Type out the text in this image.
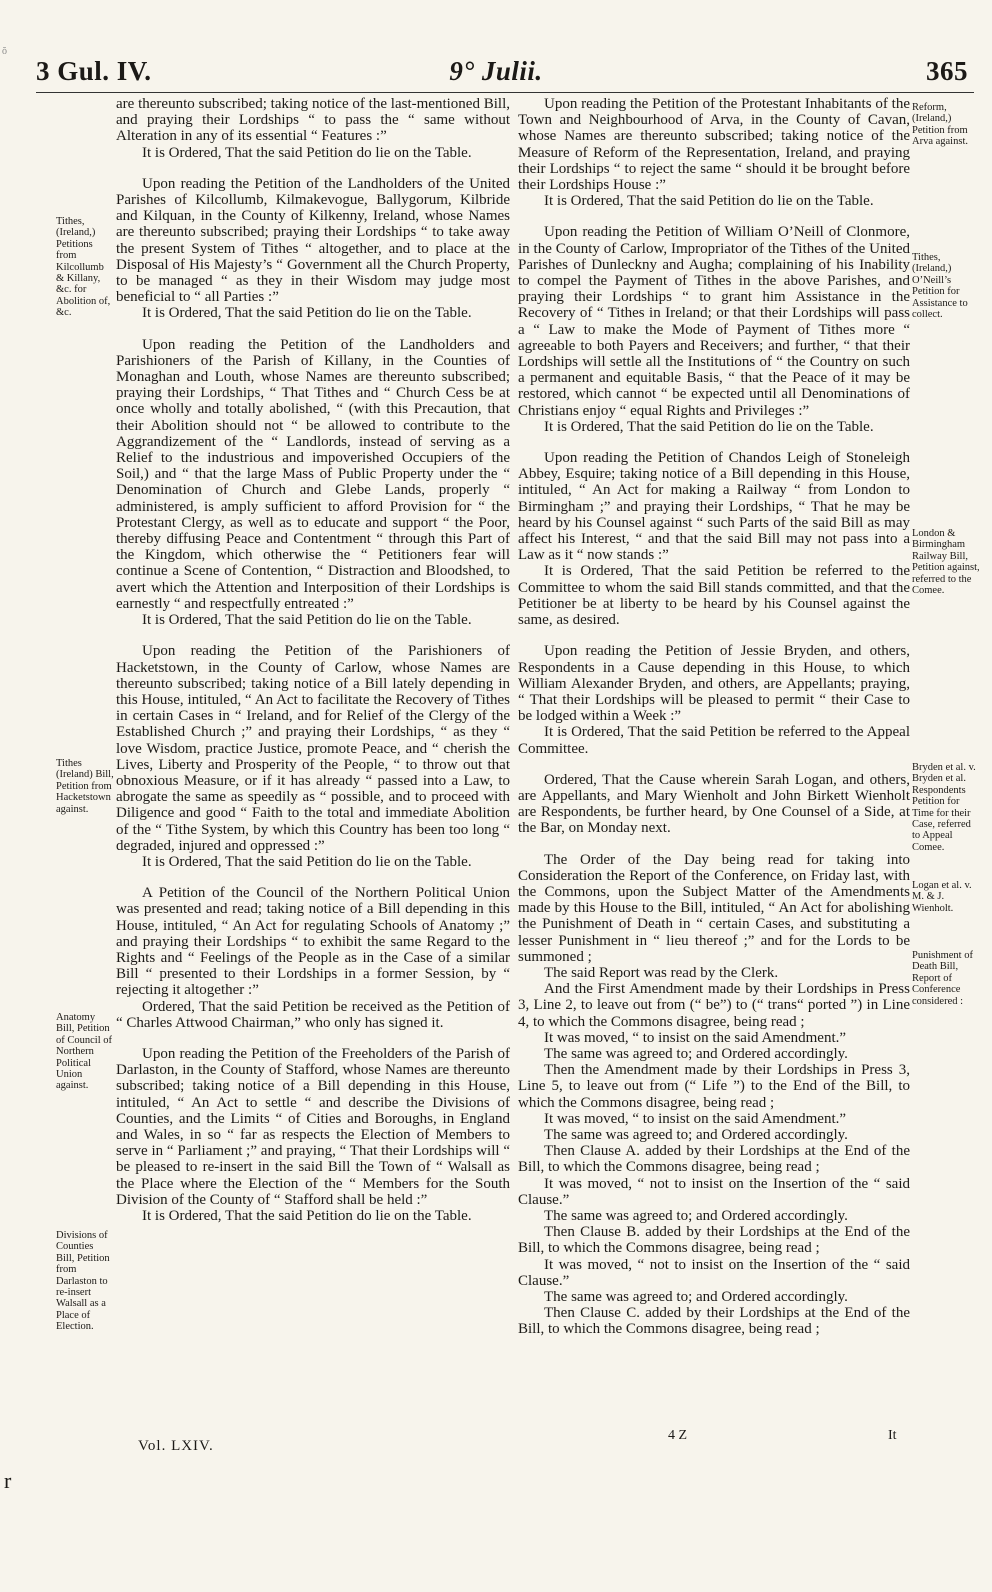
ŏ
3 Gul. IV.	9° Julii.	365

are thereunto subscribed; taking notice of the last-mentioned Bill, and praying their Lordships “ to pass the “ same without Alteration in any of its essential “ Features :”

It is Ordered, That the said Petition do lie on the Table.

Upon reading the Petition of the Landholders of the United Parishes of Kilcollumb, Kilmakevogue, Ballygorum, Kilbride and Kilquan, in the County of Kilkenny, Ireland, whose Names are thereunto subscribed; praying their Lordships “ to take away the present System of Tithes “ altogether, and to place at the Disposal of His Majesty’s “ Government all the Church Property, to be managed “ as they in their Wisdom may judge most beneficial to “ all Parties :”

It is Ordered, That the said Petition do lie on the Table.

Upon reading the Petition of the Landholders and Parishioners of the Parish of Killany, in the Counties of Monaghan and Louth, whose Names are thereunto subscribed; praying their Lordships, “ That Tithes and “ Church Cess be at once wholly and totally abolished, “ (with this Precaution, that their Abolition should not “ be allowed to contribute to the Aggrandizement of the “ Landlords, instead of serving as a Relief to the industrious and impoverished Occupiers of the Soil,) and “ that the large Mass of Public Property under the “ Denomination of Church and Glebe Lands, properly “ administered, is amply sufficient to afford Provision for “ the Protestant Clergy, as well as to educate and support “ the Poor, thereby diffusing Peace and Contentment “ through this Part of the Kingdom, which otherwise the “ Petitioners fear will continue a Scene of Contention, “ Distraction and Bloodshed, to avert which the Attention and Interposition of their Lordships is earnestly “ and respectfully entreated :”

It is Ordered, That the said Petition do lie on the Table.

Upon reading the Petition of the Parishioners of Hacketstown, in the County of Carlow, whose Names are thereunto subscribed; taking notice of a Bill lately depending in this House, intituled, “ An Act to facilitate the Recovery of Tithes in certain Cases in “ Ireland, and for Relief of the Clergy of the Established Church ;” and praying their Lordships, “ as they “ love Wisdom, practice Justice, promote Peace, and “ cherish the Lives, Liberty and Prosperity of the People, “ to throw out that obnoxious Measure, or if it has already “ passed into a Law, to abrogate the same as speedily as “ possible, and to proceed with Diligence and good “ Faith to the total and immediate Abolition of the “ Tithe System, by which this Country has been too long “ degraded, injured and oppressed :”

It is Ordered, That the said Petition do lie on the Table.

A Petition of the Council of the Northern Political Union was presented and read; taking notice of a Bill depending in this House, intituled, “ An Act for regulating Schools of Anatomy ;” and praying their Lordships “ to exhibit the same Regard to the Rights and “ Feelings of the People as in the Case of a similar Bill “ presented to their Lordships in a former Session, by “ rejecting it altogether :”

Ordered, That the said Petition be received as the Petition of “ Charles Attwood Chairman,” who only has signed it.

Upon reading the Petition of the Freeholders of the Parish of Darlaston, in the County of Stafford, whose Names are thereunto subscribed; taking notice of a Bill depending in this House, intituled, “ An Act to settle “ and describe the Divisions of Counties, and the Limits “ of Cities and Boroughs, in England and Wales, in so “ far as respects the Election of Members to serve in “ Parliament ;” and praying, “ That their Lordships will “ be pleased to re-insert in the said Bill the Town of “ Walsall as the Place where the Election of the “ Members for the South Division of the County of “ Stafford shall be held :”

It is Ordered, That the said Petition do lie on the Table.

Upon reading the Petition of the Protestant Inhabitants of the Town and Neighbourhood of Arva, in the County of Cavan, whose Names are thereunto subscribed; taking notice of the Measure of Reform of the Representation, Ireland, and praying their Lordships “ to reject the same “ should it be brought before their Lordships House :”

It is Ordered, That the said Petition do lie on the Table.

Upon reading the Petition of William O’Neill of Clonmore, in the County of Carlow, Impropriator of the Tithes of the United Parishes of Dunleckny and Augha; complaining of his Inability to compel the Payment of Tithes in the above Parishes, and praying their Lordships “ to grant him Assistance in the Recovery of “ Tithes in Ireland; or that their Lordships will pass a “ Law to make the Mode of Payment of Tithes more “ agreeable to both Payers and Receivers; and further, “ that their Lordships will settle all the Institutions of “ the Country on such a permanent and equitable Basis, “ that the Peace of it may be restored, which cannot “ be expected until all Denominations of Christians enjoy “ equal Rights and Privileges :”

It is Ordered, That the said Petition do lie on the Table.

Upon reading the Petition of Chandos Leigh of Stoneleigh Abbey, Esquire; taking notice of a Bill depending in this House, intituled, “ An Act for making a Railway “ from London to Birmingham ;” and praying their Lordships, “ That he may be heard by his Counsel against “ such Parts of the said Bill as may affect his Interest, “ and that the said Bill may not pass into a Law as it “ now stands :”

It is Ordered, That the said Petition be referred to the Committee to whom the said Bill stands committed, and that the Petitioner be at liberty to be heard by his Counsel against the same, as desired.

Upon reading the Petition of Jessie Bryden, and others, Respondents in a Cause depending in this House, to which William Alexander Bryden, and others, are Appellants; praying, “ That their Lordships will be pleased to permit “ their Case to be lodged within a Week :”

It is Ordered, That the said Petition be referred to the Appeal Committee.

Ordered, That the Cause wherein Sarah Logan, and others, are Appellants, and Mary Wienholt and John Birkett Wienholt are Respondents, be further heard, by One Counsel of a Side, at the Bar, on Monday next.

The Order of the Day being read for taking into Consideration the Report of the Conference, on Friday last, with the Commons, upon the Subject Matter of the Amendments made by this House to the Bill, intituled, “ An Act for abolishing the Punishment of Death in “ certain Cases, and substituting a lesser Punishment in “ lieu thereof ;” and for the Lords to be summoned ;

The said Report was read by the Clerk.

And the First Amendment made by their Lordships in Press 3, Line 2, to leave out from (“ be”) to (“ trans“ ported ”) in Line 4, to which the Commons disagree, being read ;

It was moved, “ to insist on the said Amendment.”

The same was agreed to; and Ordered accordingly.

Then the Amendment made by their Lordships in Press 3, Line 5, to leave out from (“ Life ”) to the End of the Bill, to which the Commons disagree, being read ;

It was moved, “ to insist on the said Amendment.”

The same was agreed to; and Ordered accordingly.

Then Clause A. added by their Lordships at the End of the Bill, to which the Commons disagree, being read ;

It was moved, “ not to insist on the Insertion of the “ said Clause.”

The same was agreed to; and Ordered accordingly.

Then Clause B. added by their Lordships at the End of the Bill, to which the Commons disagree, being read ;

It was moved, “ not to insist on the Insertion of the “ said Clause.”

The same was agreed to; and Ordered accordingly.

Then Clause C. added by their Lordships at the End of the Bill, to which the Commons disagree, being read ;

Tithes, (Ireland,) Petitions from Kilcollumb & Killany, &c. for Abolition of, &c.
Tithes (Ireland) Bill, Petition from Hacketstown against.
Anatomy Bill, Petition of Council of Northern Political Union against.
Divisions of Counties Bill, Petition from Darlaston to re-insert Walsall as a Place of Election.
Reform, (Ireland,) Petition from Arva against.
Tithes, (Ireland,) O’Neill’s Petition for Assistance to collect.
London & Birmingham Railway Bill, Petition against, referred to the Comee.
Bryden et al. v. Bryden et al. Respondents Petition for Time for their Case, referred to Appeal Comee.
Logan et al. v. M. & J. Wienholt.
Punishment of Death Bill, Report of Conference considered :
Vol. LXIV.
4 Z	It
r
